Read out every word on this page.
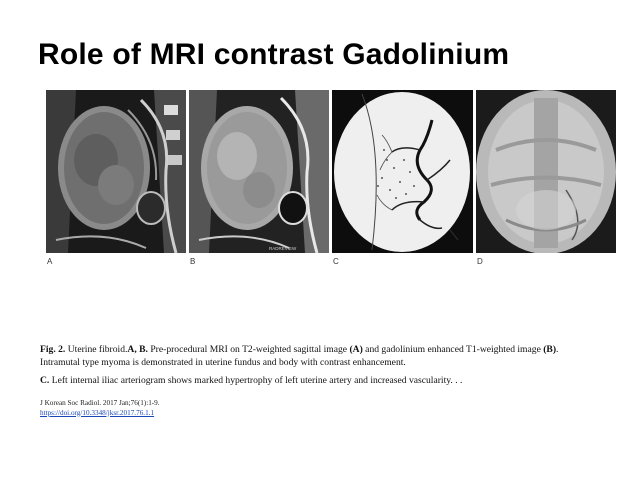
Role of MRI contrast Gadolinium
RADREVIEW
A	B	C	D

Fig. 2. Uterine fibroid.A, B. Pre-procedural MRI on T2-weighted sagittal image (A) and gadolinium enhanced T1-weighted image (B). Intramutal type myoma is demonstrated in uterine fundus and body with contrast enhancement.

C. Left internal iliac arteriogram shows marked hypertrophy of left uterine artery and increased vascularity. . .

J Korean Soc Radiol. 2017 Jan;76(1):1-9.
https://doi.org/10.3348/jksr.2017.76.1.1
